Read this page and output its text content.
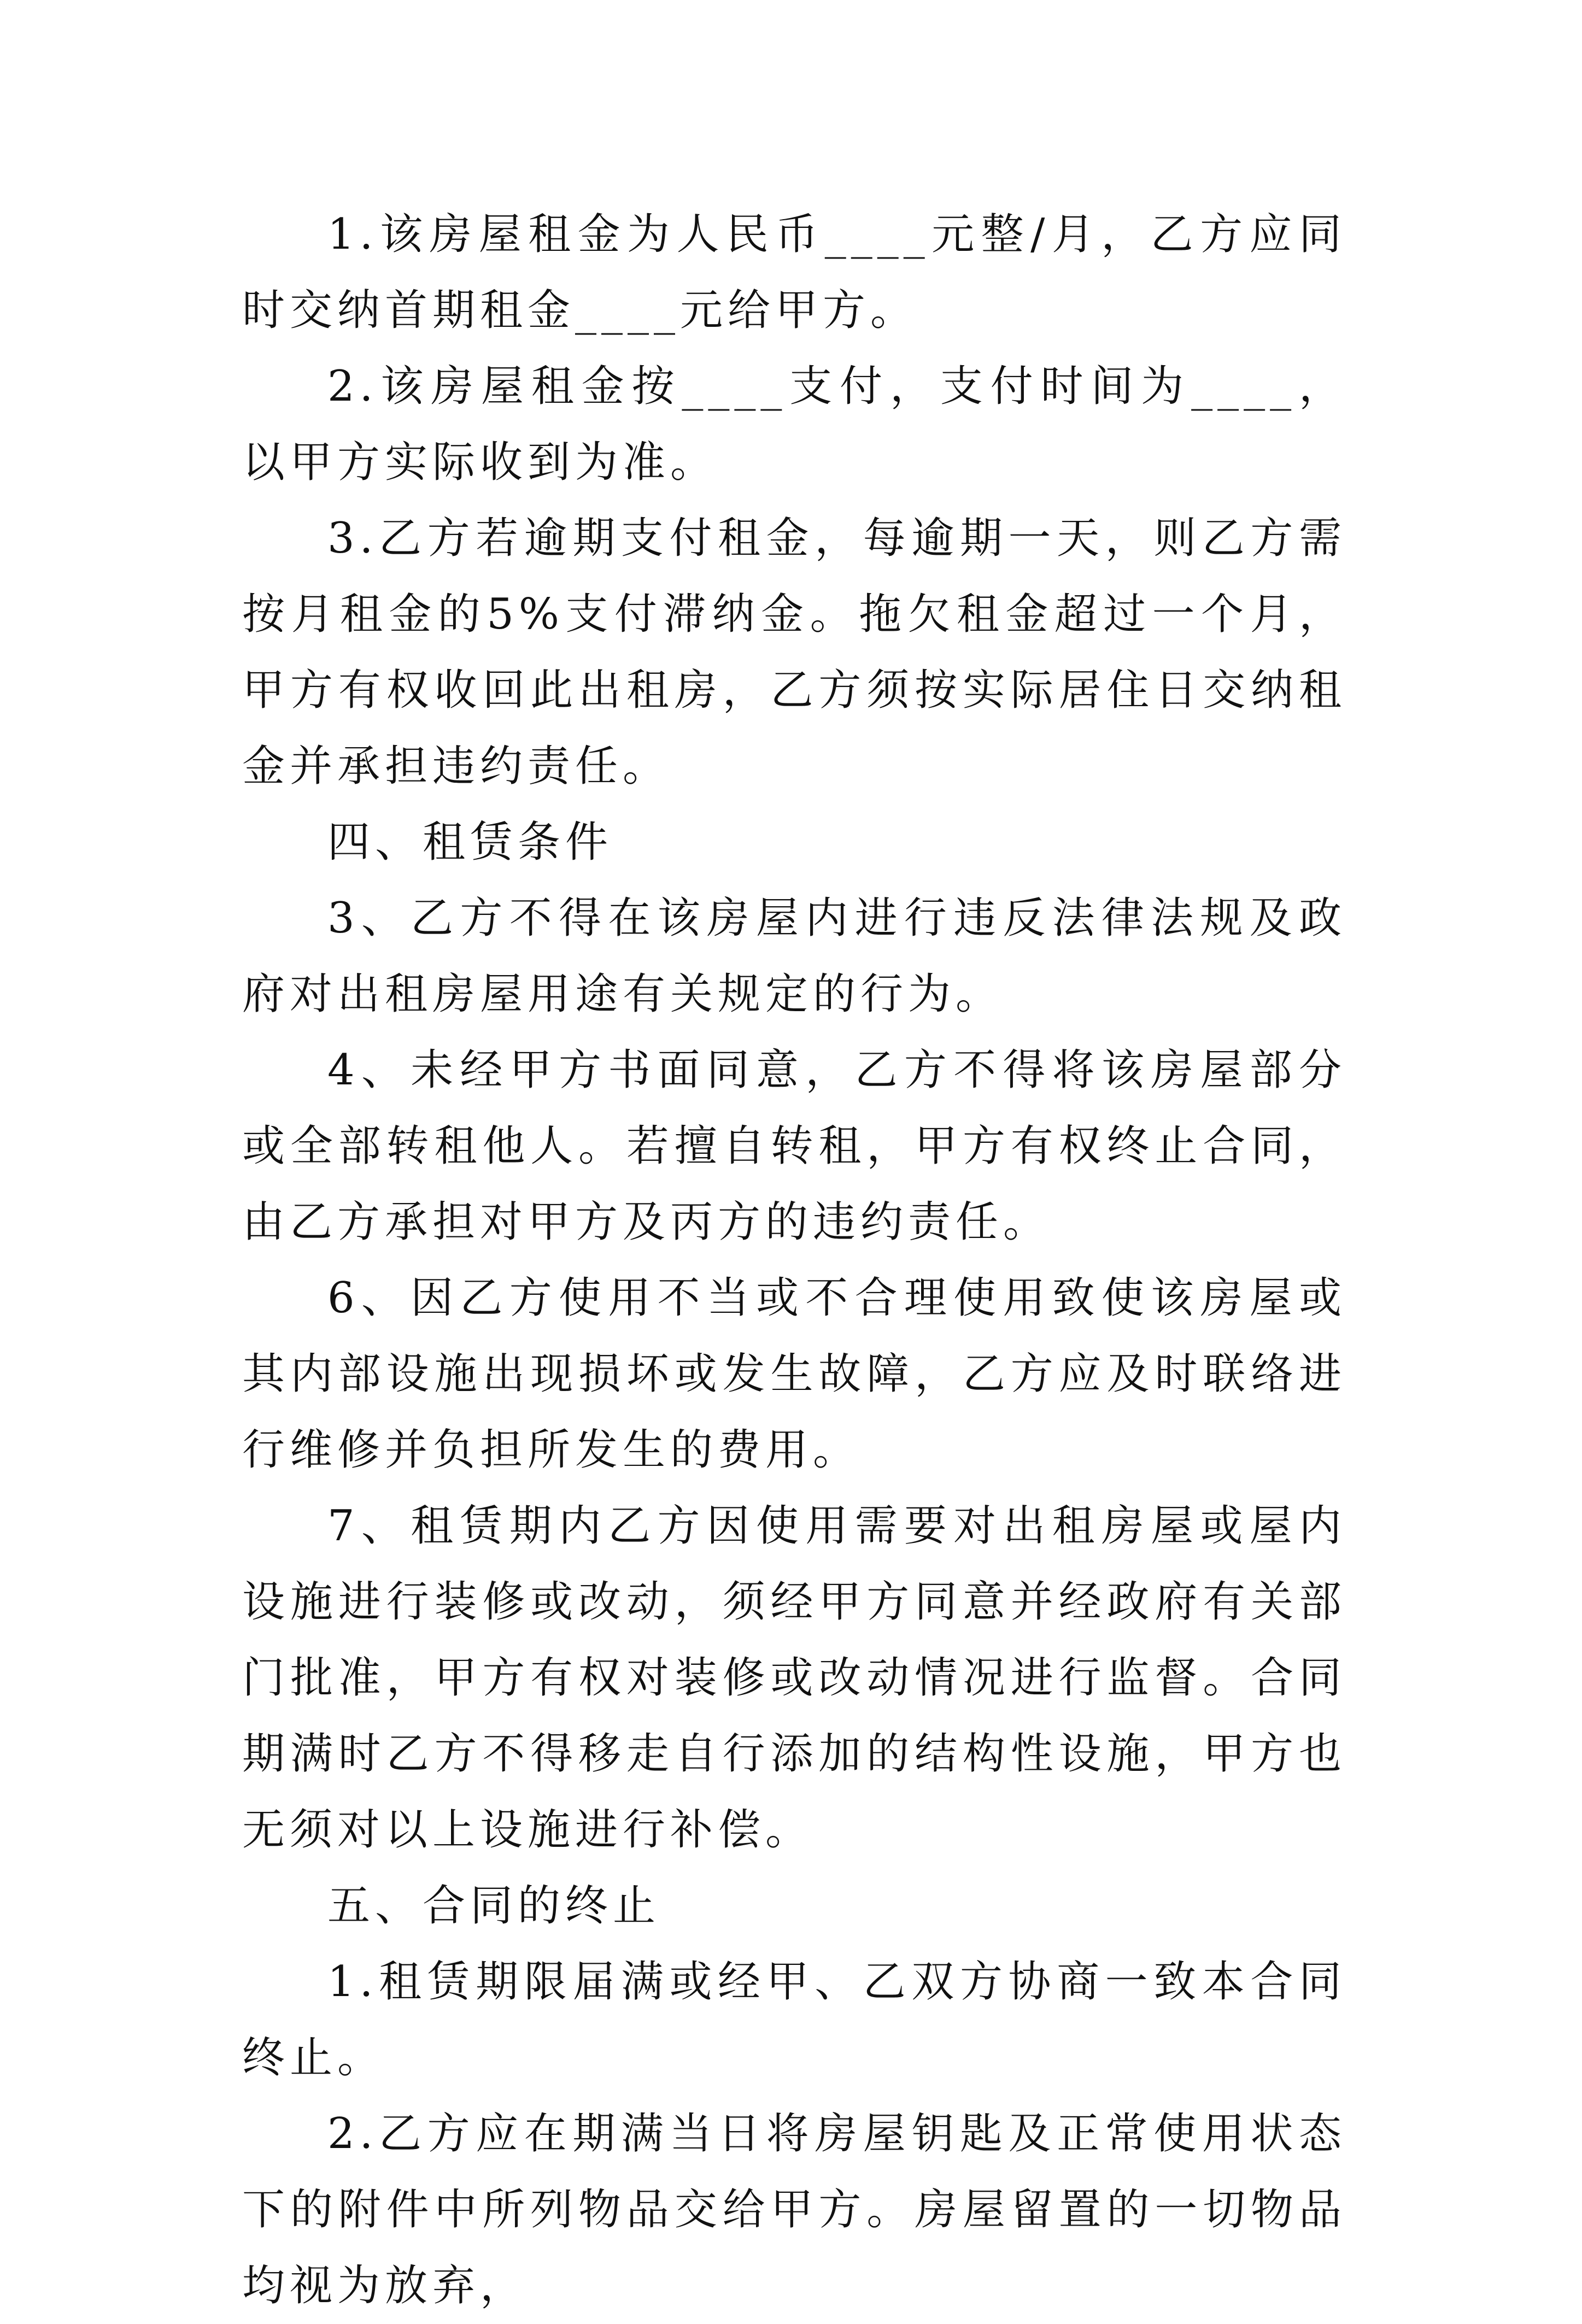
1.该房屋租金为人民币____元整/月，乙方应同时交纳首期租金____元给甲方。

2.该房屋租金按____支付，支付时间为____，以甲方实际收到为准。

3.乙方若逾期支付租金，每逾期一天，则乙方需按月租金的5%支付滞纳金。拖欠租金超过一个月，甲方有权收回此出租房，乙方须按实际居住日交纳租金并承担违约责任。

四、租赁条件

3、乙方不得在该房屋内进行违反法律法规及政府对出租房屋用途有关规定的行为。

4、未经甲方书面同意，乙方不得将该房屋部分或全部转租他人。若擅自转租，甲方有权终止合同，由乙方承担对甲方及丙方的违约责任。

6、因乙方使用不当或不合理使用致使该房屋或其内部设施出现损坏或发生故障，乙方应及时联络进行维修并负担所发生的费用。

7、租赁期内乙方因使用需要对出租房屋或屋内设施进行装修或改动，须经甲方同意并经政府有关部门批准，甲方有权对装修或改动情况进行监督。合同期满时乙方不得移走自行添加的结构性设施，甲方也无须对以上设施进行补偿。

五、合同的终止

1.租赁期限届满或经甲、乙双方协商一致本合同终止。

2.乙方应在期满当日将房屋钥匙及正常使用状态下的附件中所列物品交给甲方。房屋留置的一切物品均视为放弃，
